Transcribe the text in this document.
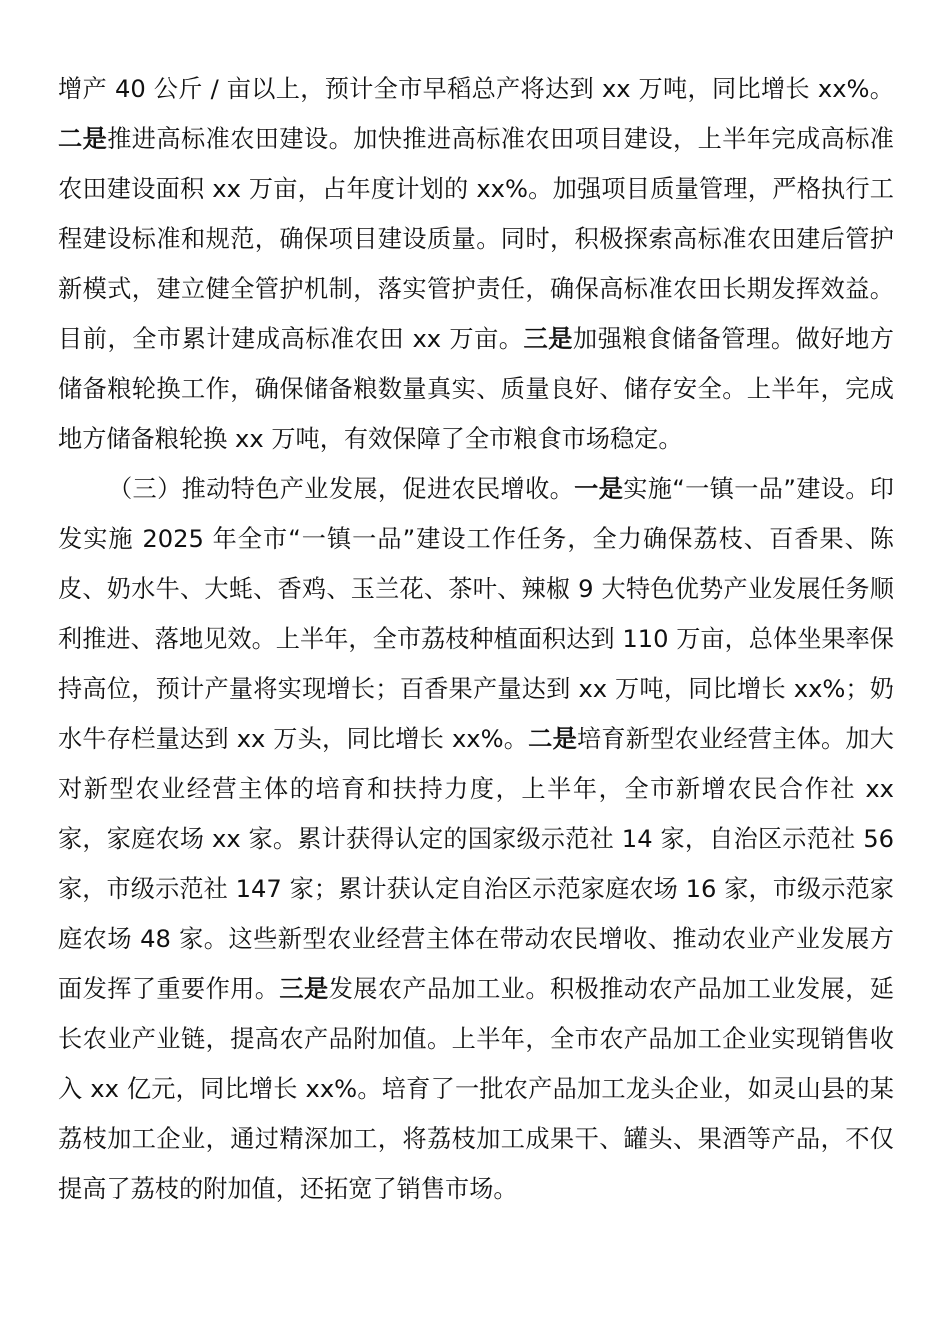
增产 40 公斤 / 亩以上，预计全市早稻总产将达到 xx 万吨，同比增长 xx%。二是推进高标准农田建设。加快推进高标准农田项目建设，上半年完成高标准农田建设面积 xx 万亩，占年度计划的 xx%。加强项目质量管理，严格执行工程建设标准和规范，确保项目建设质量。同时，积极探索高标准农田建后管护新模式，建立健全管护机制，落实管护责任，确保高标准农田长期发挥效益。目前，全市累计建成高标准农田 xx 万亩。三是加强粮食储备管理。做好地方储备粮轮换工作，确保储备粮数量真实、质量良好、储存安全。上半年，完成地方储备粮轮换 xx 万吨，有效保障了全市粮食市场稳定。

（三）推动特色产业发展，促进农民增收。一是实施“一镇一品”建设。印发实施 2025 年全市“一镇一品”建设工作任务，全力确保荔枝、百香果、陈皮、奶水牛、大蚝、香鸡、玉兰花、茶叶、辣椒 9 大特色优势产业发展任务顺利推进、落地见效。上半年，全市荔枝种植面积达到 110 万亩，总体坐果率保持高位，预计产量将实现增长；百香果产量达到 xx 万吨，同比增长 xx%；奶水牛存栏量达到 xx 万头，同比增长 xx%。二是培育新型农业经营主体。加大对新型农业经营主体的培育和扶持力度，上半年，全市新增农民合作社 xx 家，家庭农场 xx 家。累计获得认定的国家级示范社 14 家，自治区示范社 56 家，市级示范社 147 家；累计获认定自治区示范家庭农场 16 家，市级示范家庭农场 48 家。这些新型农业经营主体在带动农民增收、推动农业产业发展方面发挥了重要作用。三是发展农产品加工业。积极推动农产品加工业发展，延长农业产业链，提高农产品附加值。上半年，全市农产品加工企业实现销售收入 xx 亿元，同比增长 xx%。培育了一批农产品加工龙头企业，如灵山县的某荔枝加工企业，通过精深加工，将荔枝加工成果干、罐头、果酒等产品，不仅提高了荔枝的附加值，还拓宽了销售市场。
